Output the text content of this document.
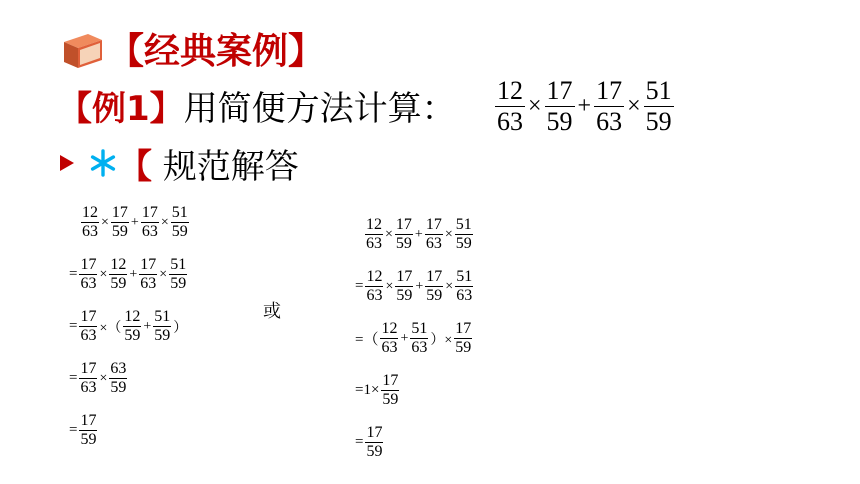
【经典案例】
【例1】用简便方法计算： 12
63
×
17
59
+
17
63
×
51
59
【 规范解答
12
63
×
17
59
+
17
63
×
51
59
=
17
63
×
12
59
+
17
63
×
51
59
=
17
63 ×（
12
59
+
51
59 ）
=
17
63
×
63
59
=
17
59
或
12
63
×
17
59
+
17
63
×
51
59
=
12
63
×
17
59
+
17
59
×
51
63
=（
12
63
+
51
63 ）×
17
59
=1×
17
59
=
17
59
